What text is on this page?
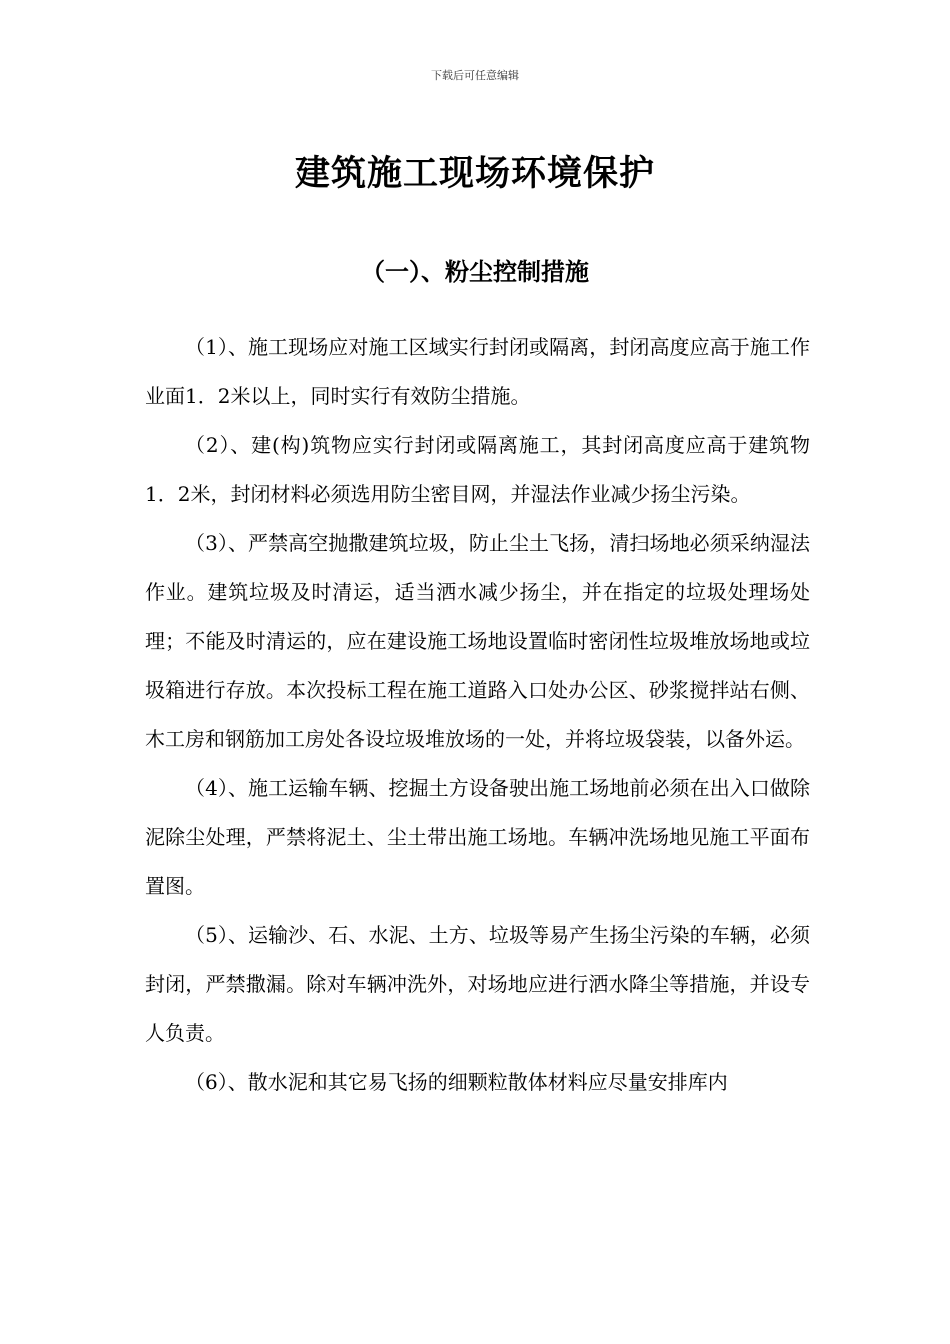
下载后可任意编辑
建筑施工现场环境保护
（一）、粉尘控制措施

（1）、施工现场应对施工区域实行封闭或隔离，封闭高度应高于施工作业面1．2米以上，同时实行有效防尘措施。

（2）、建(构)筑物应实行封闭或隔离施工，其封闭高度应高于建筑物1．2米，封闭材料必须选用防尘密目网，并湿法作业减少扬尘污染。

（3）、严禁高空抛撒建筑垃圾，防止尘土飞扬，清扫场地必须采纳湿法作业。建筑垃圾及时清运，适当洒水减少扬尘，并在指定的垃圾处理场处理；不能及时清运的，应在建设施工场地设置临时密闭性垃圾堆放场地或垃圾箱进行存放。本次投标工程在施工道路入口处办公区、砂浆搅拌站右侧、木工房和钢筋加工房处各设垃圾堆放场的一处，并将垃圾袋装，以备外运。

（4）、施工运输车辆、挖掘土方设备驶出施工场地前必须在出入口做除泥除尘处理，严禁将泥土、尘土带出施工场地。车辆冲洗场地见施工平面布置图。

（5）、运输沙、石、水泥、土方、垃圾等易产生扬尘污染的车辆，必须封闭，严禁撒漏。除对车辆冲洗外，对场地应进行洒水降尘等措施，并设专人负责。

（6）、散水泥和其它易飞扬的细颗粒散体材料应尽量安排库内
